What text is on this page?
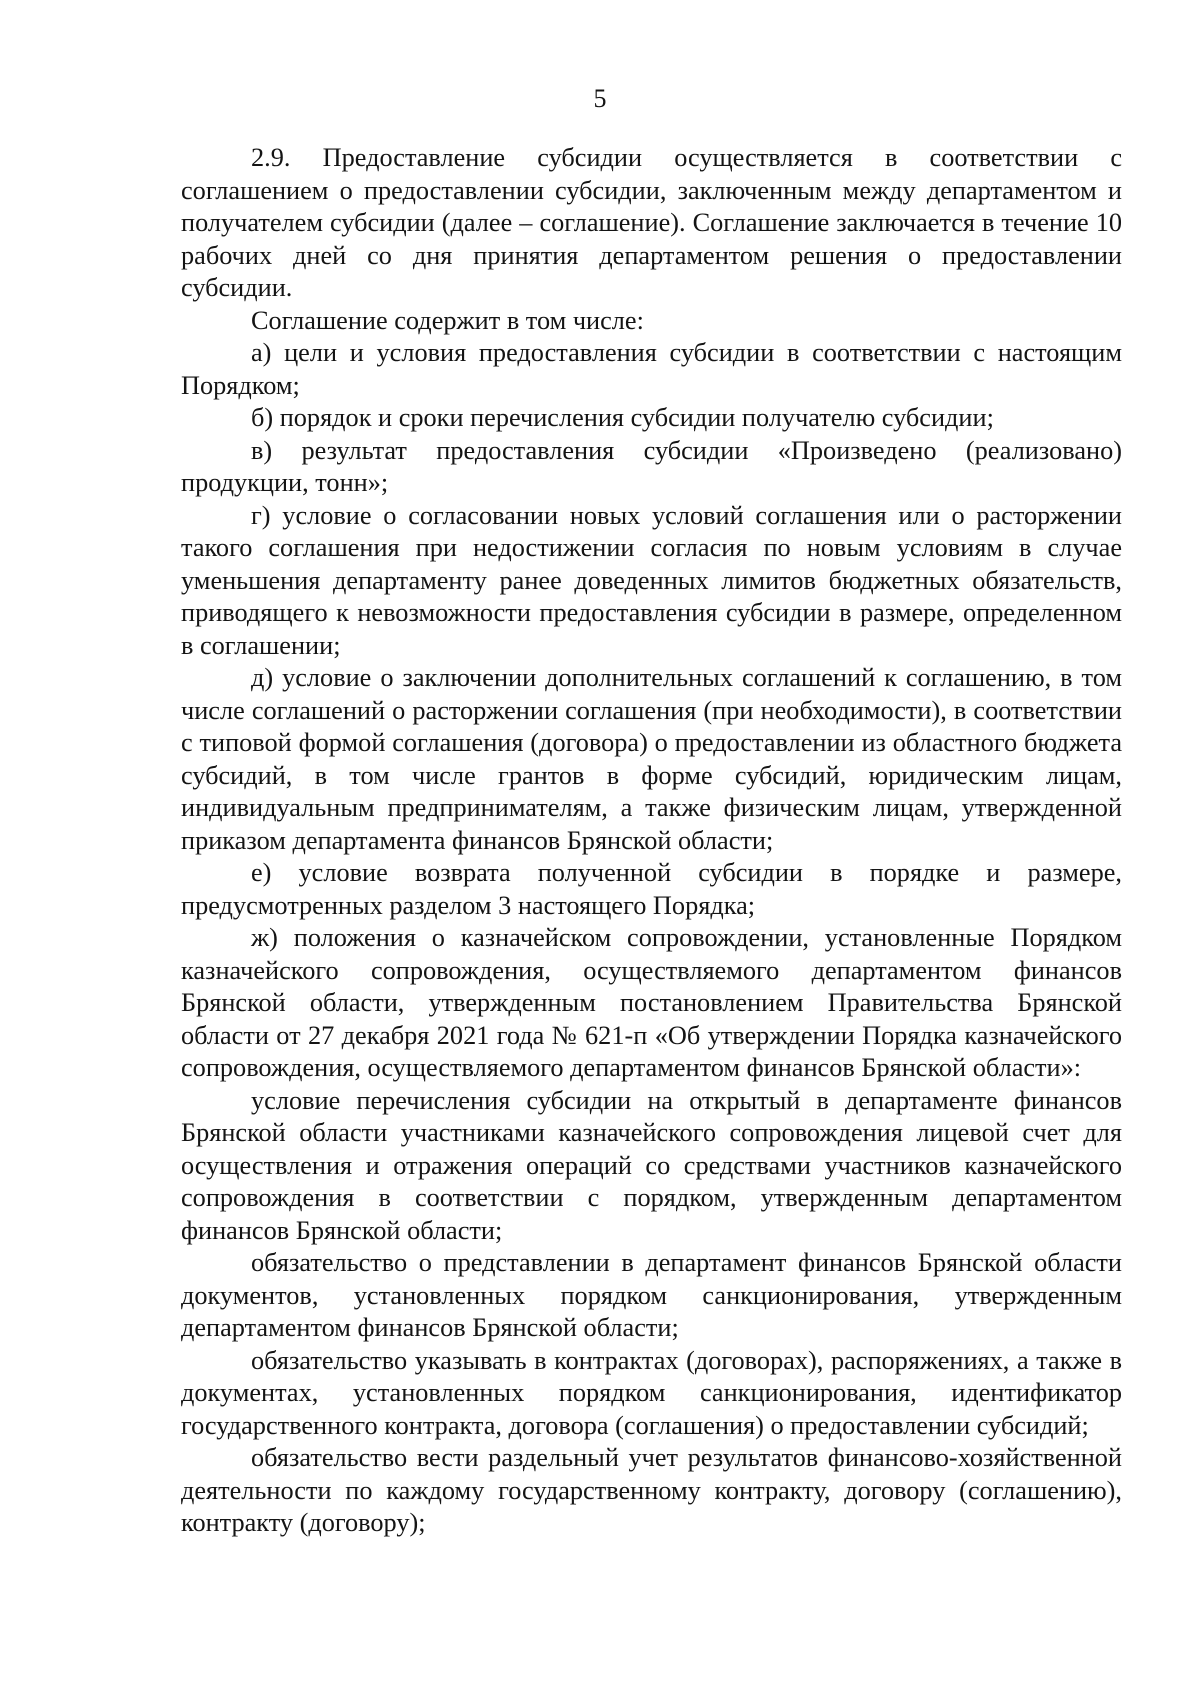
5

2.9. Предоставление субсидии осуществляется в соответствии с соглашением о предоставлении субсидии, заключенным между департаментом и получателем субсидии (далее – соглашение). Соглашение заключается в течение 10 рабочих дней со дня принятия департаментом решения о предоставлении субсидии.

Соглашение содержит в том числе:

а) цели и условия предоставления субсидии в соответствии с настоящим Порядком;

б) порядок и сроки перечисления субсидии получателю субсидии;

в) результат предоставления субсидии «Произведено (реализовано) продукции, тонн»;

г) условие о согласовании новых условий соглашения или о расторжении такого соглашения при недостижении согласия по новым условиям в случае уменьшения департаменту ранее доведенных лимитов бюджетных обязательств, приводящего к невозможности предоставления субсидии в размере, определенном в соглашении;

д) условие о заключении дополнительных соглашений к соглашению, в том числе соглашений о расторжении соглашения (при необходимости), в соответствии с типовой формой соглашения (договора) о предоставлении из областного бюджета субсидий, в том числе грантов в форме субсидий, юридическим лицам, индивидуальным предпринимателям, а также физическим лицам, утвержденной приказом департамента финансов Брянской области;

е) условие возврата полученной субсидии в порядке и размере, предусмотренных разделом 3 настоящего Порядка;

ж) положения о казначейском сопровождении, установленные Порядком казначейского сопровождения, осуществляемого департаментом финансов Брянской области, утвержденным постановлением Правительства Брянской области от 27 декабря 2021 года № 621-п «Об утверждении Порядка казначейского сопровождения, осуществляемого департаментом финансов Брянской области»:

условие перечисления субсидии на открытый в департаменте финансов Брянской области участниками казначейского сопровождения лицевой счет для осуществления и отражения операций со средствами участников казначейского сопровождения в соответствии с порядком, утвержденным департаментом финансов Брянской области;

обязательство о представлении в департамент финансов Брянской области документов, установленных порядком санкционирования, утвержденным департаментом финансов Брянской области;

обязательство указывать в контрактах (договорах), распоряжениях, а также в документах, установленных порядком санкционирования, идентификатор государственного контракта, договора (соглашения) о предоставлении субсидий;

обязательство вести раздельный учет результатов финансово-хозяйственной деятельности по каждому государственному контракту, договору (соглашению), контракту (договору);
